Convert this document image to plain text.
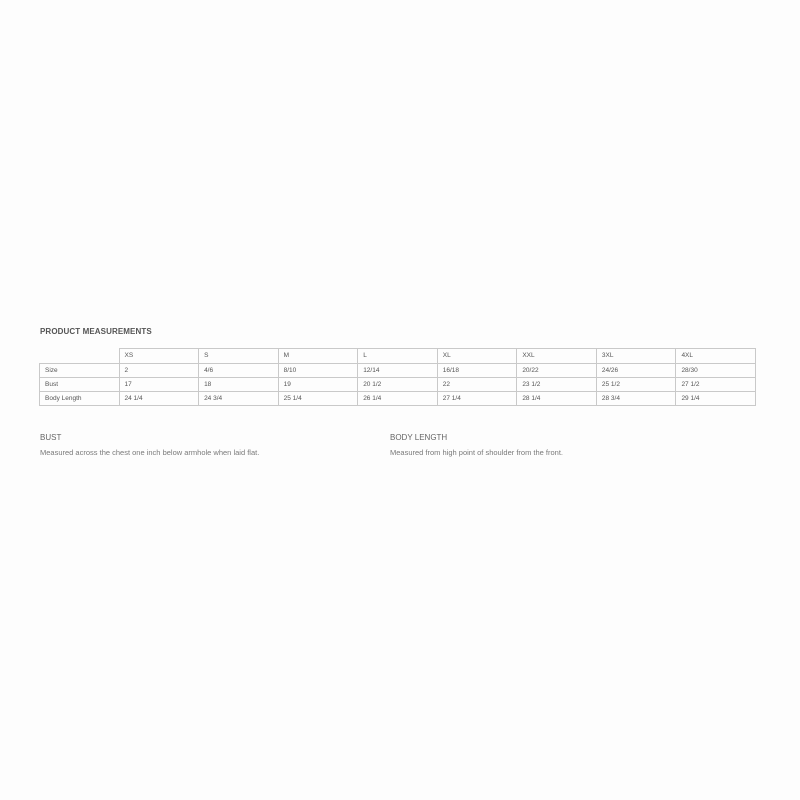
PRODUCT MEASUREMENTS
	XS	S	M	L	XL	XXL	3XL	4XL
Size	2	4/6	8/10	12/14	16/18	20/22	24/26	28/30
Bust	17	18	19	20 1/2	22	23 1/2	25 1/2	27 1/2
Body Length	24 1/4	24 3/4	25 1/4	26 1/4	27 1/4	28 1/4	28 3/4	29 1/4
BUST
Measured across the chest one inch below armhole when laid flat.
BODY LENGTH
Measured from high point of shoulder from the front.
